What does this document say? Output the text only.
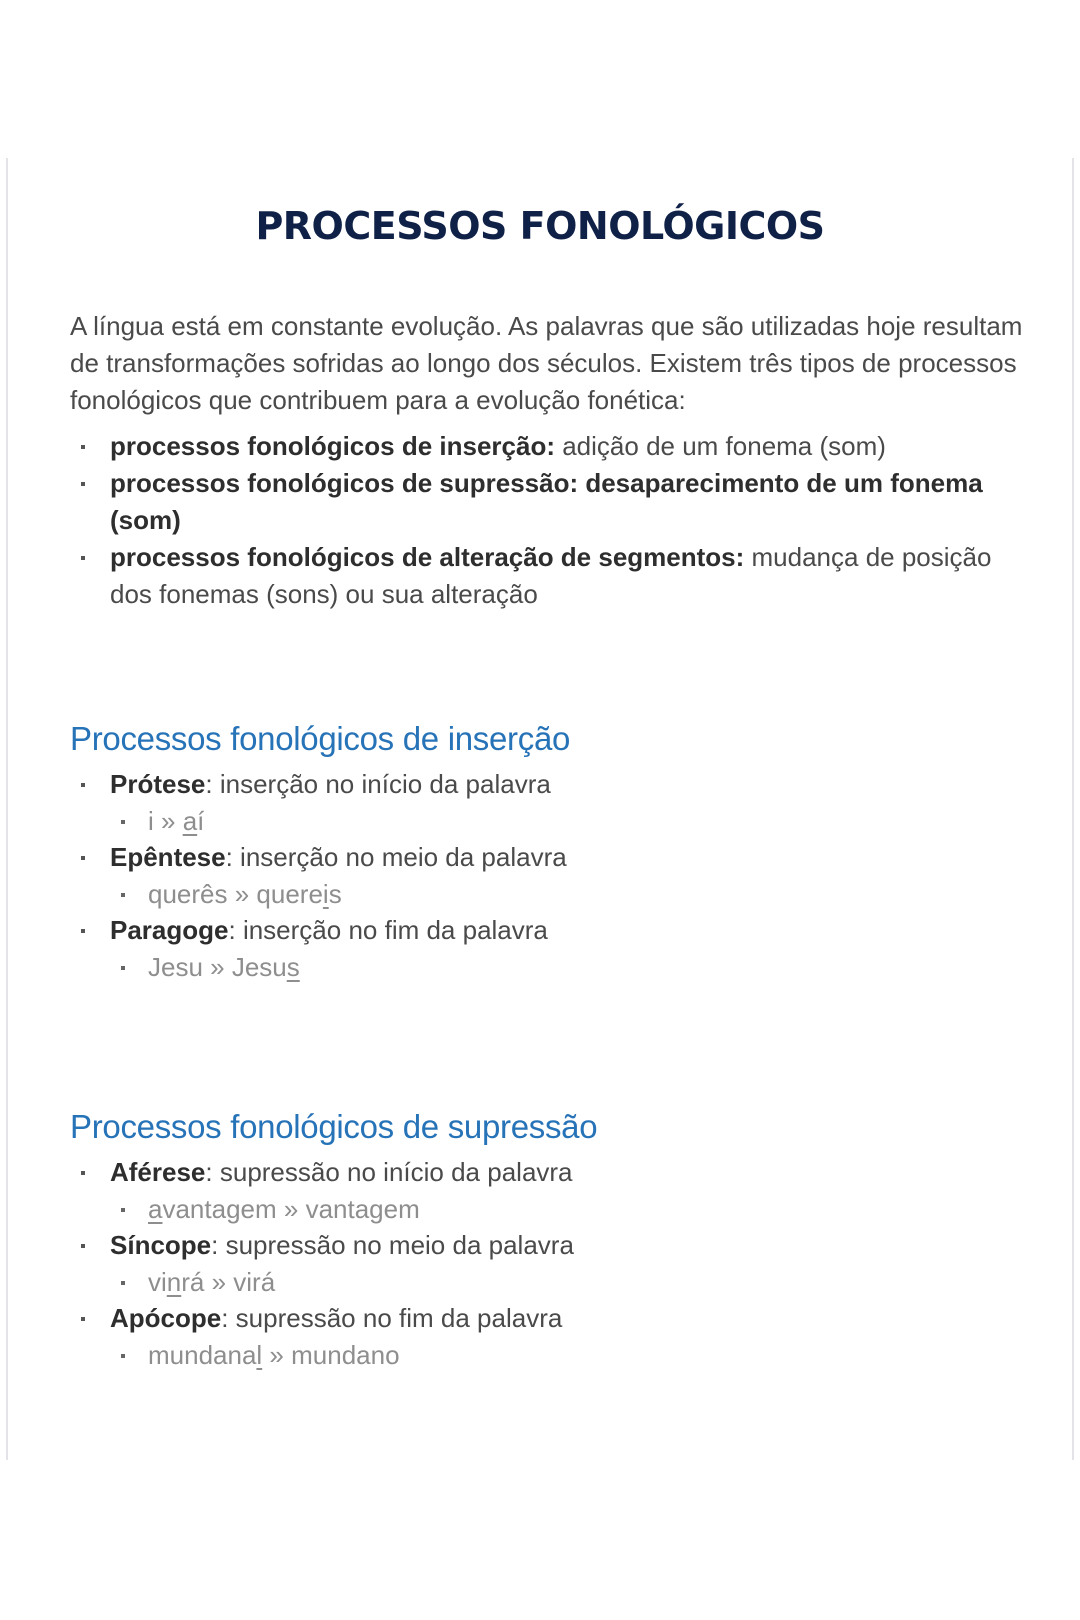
PROCESSOS FONOLÓGICOS

A língua está em constante evolução. As palavras que são utilizadas hoje resultam de transformações sofridas ao longo dos séculos. Existem três tipos de processos fonológicos que contribuem para a evolução fonética:

processos fonológicos de inserção: adição de um fonema (som)
processos fonológicos de supressão: desaparecimento de um fonema (som)
processos fonológicos de alteração de segmentos: mudança de posição dos fonemas (sons) ou sua alteração
Processos fonológicos de inserção
Prótese: inserção no início da palavra
i » aí
Epêntese: inserção no meio da palavra
querês » quereis
Paragoge: inserção no fim da palavra
Jesu » Jesus
Processos fonológicos de supressão
Aférese: supressão no início da palavra
avantagem » vantagem
Síncope: supressão no meio da palavra
vinrá » virá
Apócope: supressão no fim da palavra
mundanal » mundano
